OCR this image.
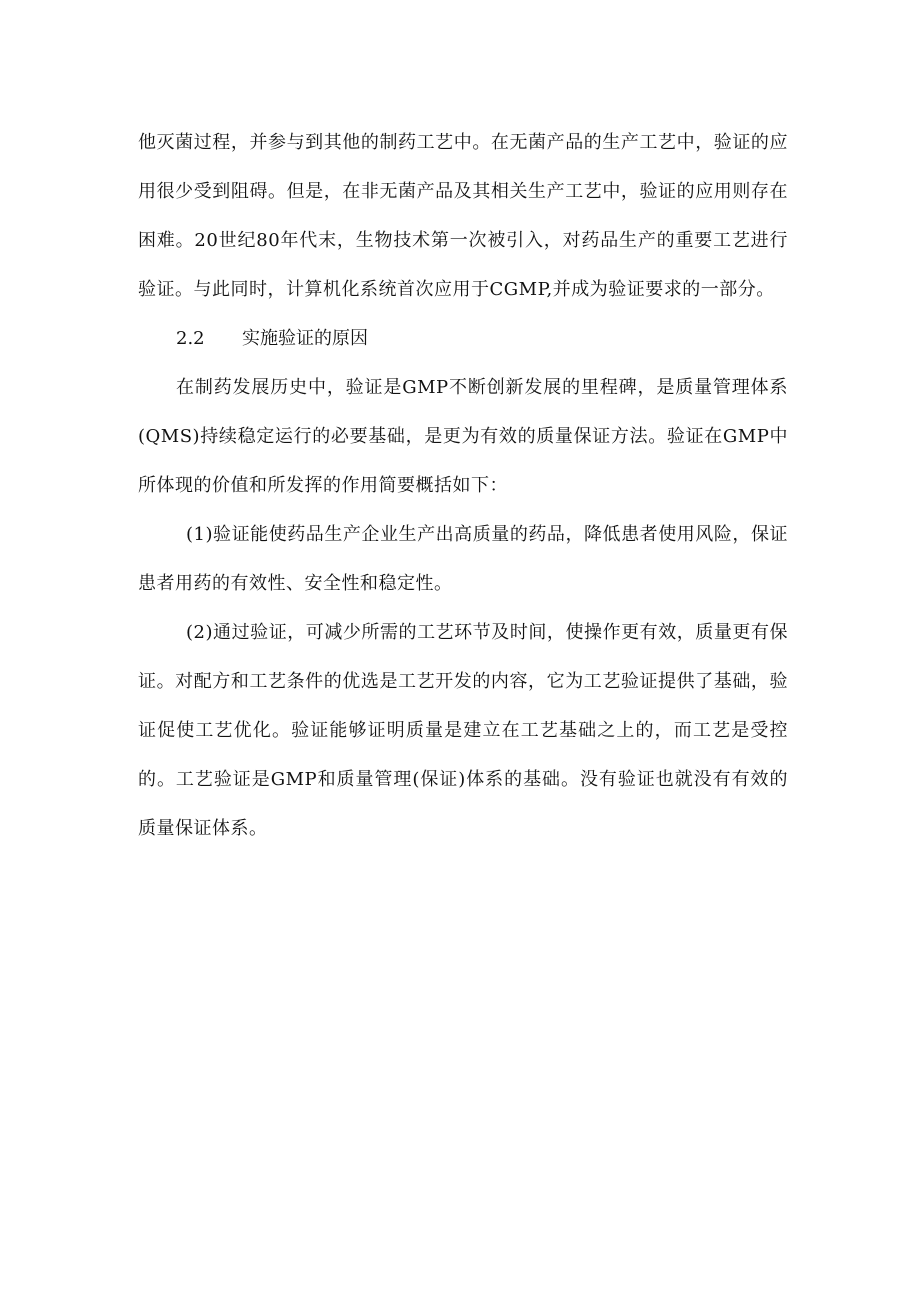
他灭菌过程，并参与到其他的制药工艺中。在无菌产品的生产工艺中，验证的应用很少受到阻碍。但是，在非无菌产品及其相关生产工艺中，验证的应用则存在困难。20世纪80年代末，生物技术第一次被引入，对药品生产的重要工艺进行验证。与此同时，计算机化系统首次应用于CGMP,并成为验证要求的一部分。

2.2 实施验证的原因

在制药发展历史中，验证是GMP不断创新发展的里程碑，是质量管理体系(QMS)持续稳定运行的必要基础，是更为有效的质量保证方法。验证在GMP中所体现的价值和所发挥的作用简要概括如下：

(1)验证能使药品生产企业生产出高质量的药品，降低患者使用风险，保证患者用药的有效性、安全性和稳定性。

(2)通过验证，可减少所需的工艺环节及时间，使操作更有效，质量更有保证。对配方和工艺条件的优选是工艺开发的内容，它为工艺验证提供了基础，验证促使工艺优化。验证能够证明质量是建立在工艺基础之上的，而工艺是受控的。工艺验证是GMP和质量管理(保证)体系的基础。没有验证也就没有有效的质量保证体系。
